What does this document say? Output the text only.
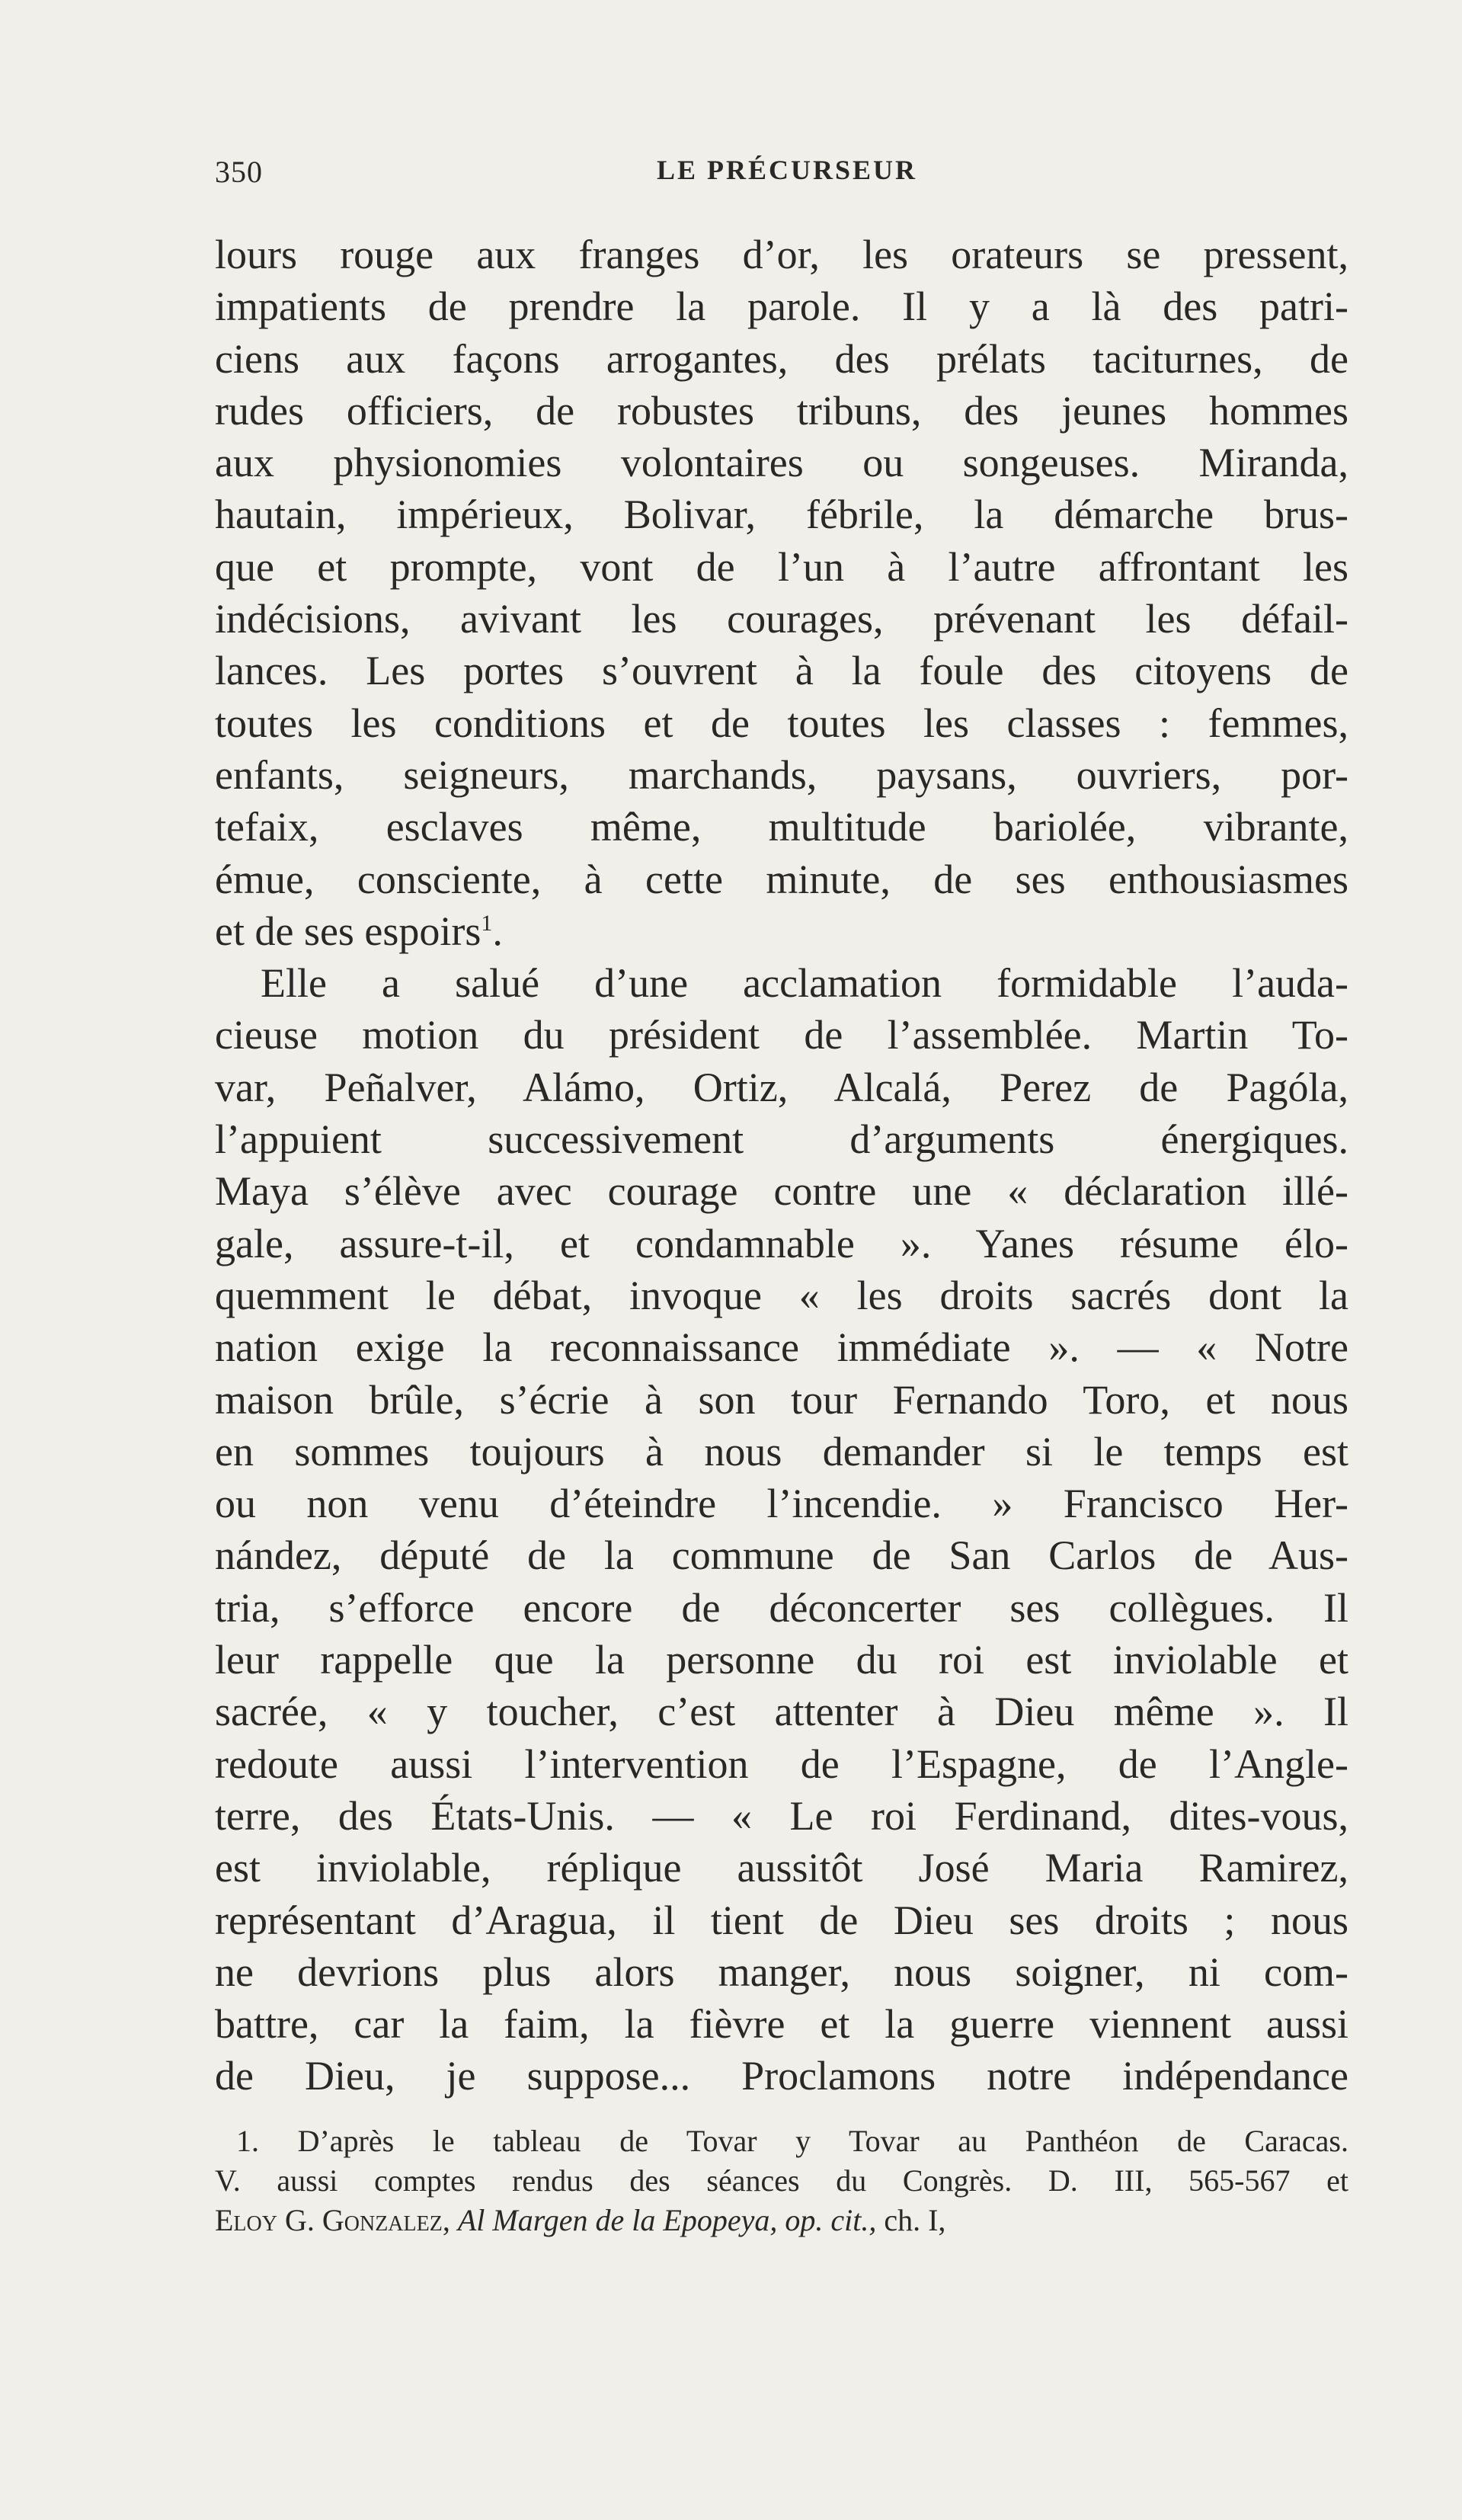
350	LE PRÉCURSEUR
lours rouge aux franges d’or, les orateurs se pressent,
impatients de prendre la parole. Il y a là des patri-
ciens aux façons arrogantes, des prélats taciturnes, de
rudes officiers, de robustes tribuns, des jeunes hommes
aux physionomies volontaires ou songeuses. Miranda,
hautain, impérieux, Bolivar, fébrile, la démarche brus-
que et prompte, vont de l’un à l’autre affrontant les
indécisions, avivant les courages, prévenant les défail-
lances. Les portes s’ouvrent à la foule des citoyens de
toutes les conditions et de toutes les classes : femmes,
enfants, seigneurs, marchands, paysans, ouvriers, por-
tefaix, esclaves même, multitude bariolée, vibrante,
émue, consciente, à cette minute, de ses enthousiasmes
et de ses espoirs$^1$.
Elle a salué d’une acclamation formidable l’auda-
cieuse motion du président de l’assemblée. Martin To-
var, Peñalver, Alámo, Ortiz, Alcalá, Perez de Pagóla,
l’appuient successivement d’arguments énergiques.
Maya s’élève avec courage contre une « déclaration illé-
gale, assure-t-il, et condamnable ». Yanes résume élo-
quemment le débat, invoque « les droits sacrés dont la
nation exige la reconnaissance immédiate ». — « Notre
maison brûle, s’écrie à son tour Fernando Toro, et nous
en sommes toujours à nous demander si le temps est
ou non venu d’éteindre l’incendie. » Francisco Her-
nández, député de la commune de San Carlos de Aus-
tria, s’efforce encore de déconcerter ses collègues. Il
leur rappelle que la personne du roi est inviolable et
sacrée, « y toucher, c’est attenter à Dieu même ». Il
redoute aussi l’intervention de l’Espagne, de l’Angle-
terre, des États-Unis. — « Le roi Ferdinand, dites-vous,
est inviolable, réplique aussitôt José Maria Ramirez,
représentant d’Aragua, il tient de Dieu ses droits ; nous
ne devrions plus alors manger, nous soigner, ni com-
battre, car la faim, la fièvre et la guerre viennent aussi
de Dieu, je suppose... Proclamons notre indépendance
1. D’après le tableau de Tovar y Tovar au Panthéon de Caracas.
V. aussi comptes rendus des séances du Congrès. D. III, 565-567 et
Eloy G. Gonzalez, Al Margen de la Epopeya, op. cit., ch. I,
